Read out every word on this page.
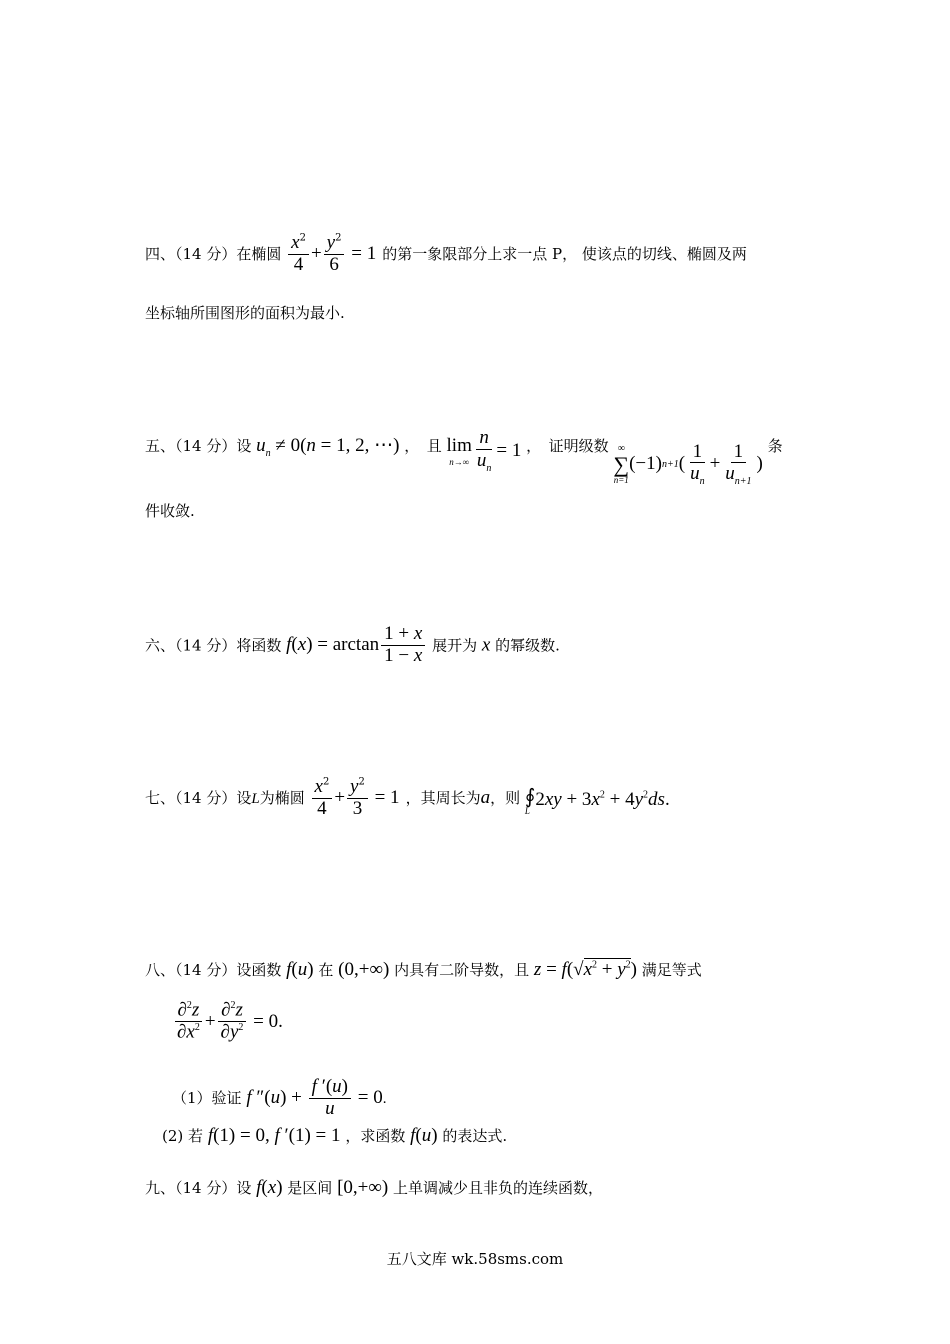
四、（14 分）在椭圆 $\frac{x^2}{4} + \frac{y^2}{6} = 1$ 的第一象限部分上求一点 P， 使该点的切线、椭圆及两
坐标轴所围图形的面积为最小.
五、（14 分）设 $u_n \ne 0(n = 1$, 2, ⋯) ，　且 lim
$n\to\infty \frac{n}{u_n} = 1$ ，　证明级数 ∞
∑
n=1
(−1) n+1 ( $\frac{1}{u_n} + \frac{1}{u_{n+1}}$ )
条
件收敛.
六、（14 分）将函数 $f(x) = \arctan \frac{1 + x}{1 - x}$ 展开为 x 的幂级数.
七、（14 分）设L为椭圆 $\frac{x^2}{4} + \frac{y^2}{3} = 1$ ，其周长为a，则 ∮
L
$2xy + 3x^2 + 4y^2ds$.
八、（14 分）设函数 f(u) 在 (0,+∞) 内具有二阶导数，且 $z = f(√x^2 + y^2)$ 满足等式
$\frac{\partial^2z}{\partial x^2} + \frac{\partial^2z}{\partial y^2} = 0$.
（1）验证 f $''(u) + \frac{f '(u)}{u} = 0$.
(2) 若 f(1) = 0, f ′(1) = 1 ，求函数 f(u) 的表达式.
九、（14 分）设 f(x) 是区间 [0,+∞) 上单调减少且非负的连续函数，
五八文库 wk.58sms.com
